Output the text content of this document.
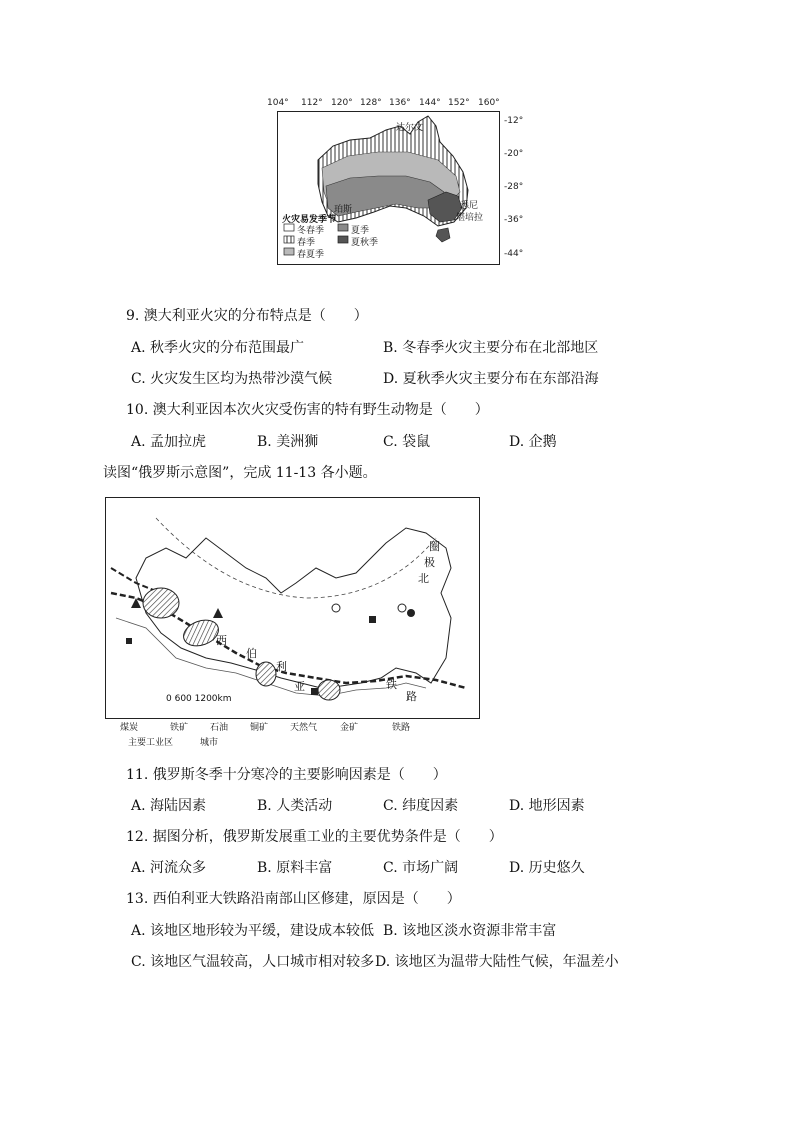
104° 112° 120° 128° 136° 144° 152° 160°
-12°
-20°
-28°
-36°
-44°
达尔文
珀斯	悉尼
堪培拉
火灾易发季节
冬春季	夏季
春季	夏秋季
春夏季
9. 澳大利亚火灾的分布特点是（　　）
A. 秋季火灾的分布范围最广	B. 冬春季火灾主要分布在北部地区
C. 火灾发生区均为热带沙漠气候	D. 夏秋季火灾主要分布在东部沿海
10. 澳大利亚因本次火灾受伤害的特有野生动物是（　　）
A. 孟加拉虎	B. 美洲狮	C. 袋鼠	D. 企鹅
读图“俄罗斯示意图”，完成 11-13 各小题。
西
伯
利
亚	铁
路
北
极
圈
0 600 1200km
煤炭	铁矿 石油 铜矿 天然气	金矿	铁路
主要工业区	城市
11. 俄罗斯冬季十分寒冷的主要影响因素是（　　）
A. 海陆因素	B. 人类活动	C. 纬度因素	D. 地形因素
12. 据图分析，俄罗斯发展重工业的主要优势条件是（　　）
A. 河流众多	B. 原料丰富	C. 市场广阔	D. 历史悠久
13. 西伯利亚大铁路沿南部山区修建，原因是（　　）
A. 该地区地形较为平缓，建设成本较低 B. 该地区淡水资源非常丰富
C. 该地区气温较高，人口城市相对较多 D. 该地区为温带大陆性气候，年温差小
